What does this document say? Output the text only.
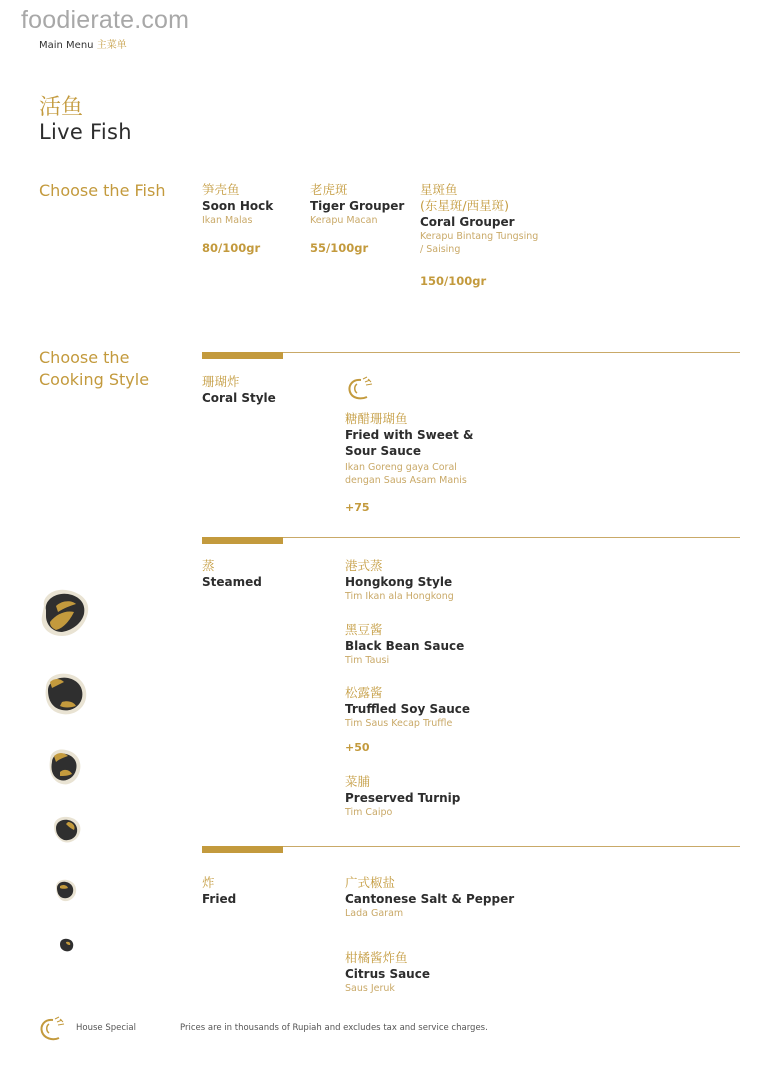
foodierate.com
Main Menu 主菜单
活鱼
Live Fish
Choose the Fish	笋壳鱼
Soon Hock
Ikan Malas
80/100gr
老虎斑
Tiger Grouper
Kerapu Macan
55/100gr
星斑鱼
(东星斑/西星斑)
Coral Grouper
Kerapu Bintang Tungsing
/ Saising
150/100gr
Choose the
Cooking Style	珊瑚炸
Coral Style
糖醋珊瑚鱼
Fried with Sweet &
Sour Sauce
Ikan Goreng gaya Coral
dengan Saus Asam Manis
+75
蒸
Steamed
港式蒸
Hongkong Style
Tim Ikan ala Hongkong
黑豆酱
Black Bean Sauce
Tim Tausi
松露酱
Truffled Soy Sauce
Tim Saus Kecap Truffle
+50
菜脯
Preserved Turnip
Tim Caipo
炸
Fried
广式椒盐
Cantonese Salt & Pepper
Lada Garam
柑橘酱炸鱼
Citrus Sauce
Saus Jeruk
House Special	Prices are in thousands of Rupiah and excludes tax and service charges.
